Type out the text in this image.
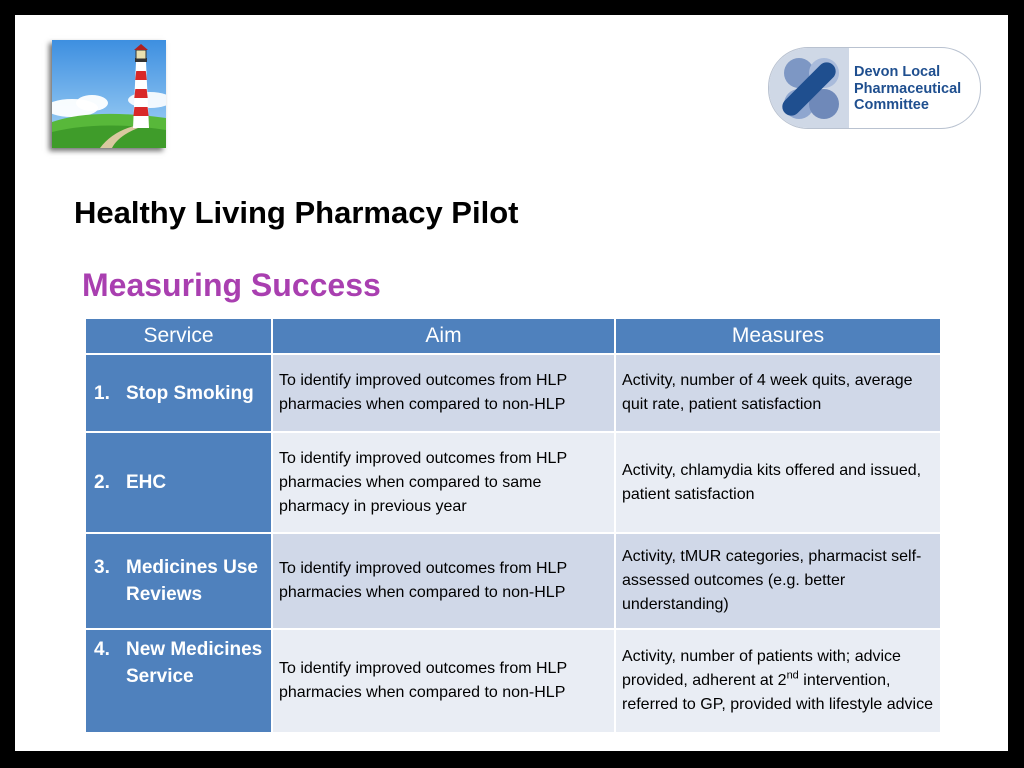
Devon Local
Pharmaceutical
Committee
Healthy Living Pharmacy Pilot
Measuring Success
Service	Aim	Measures

1. Stop Smoking	To identify improved outcomes from HLP pharmacies when compared to non-HLP	Activity, number of 4 week quits, average quit rate, patient satisfaction

2. EHC	To identify improved outcomes from HLP pharmacies when compared to same pharmacy in previous year	Activity, chlamydia kits offered and issued, patient satisfaction

3. Medicines Use Reviews	To identify improved outcomes from HLP pharmacies when compared to non-HLP	Activity, tMUR categories, pharmacist self-assessed outcomes (e.g. better understanding)

4. New Medicines Service	To identify improved outcomes from HLP pharmacies when compared to non-HLP	Activity, number of patients with; advice provided, adherent at 2nd intervention, referred to GP, provided with lifestyle advice
